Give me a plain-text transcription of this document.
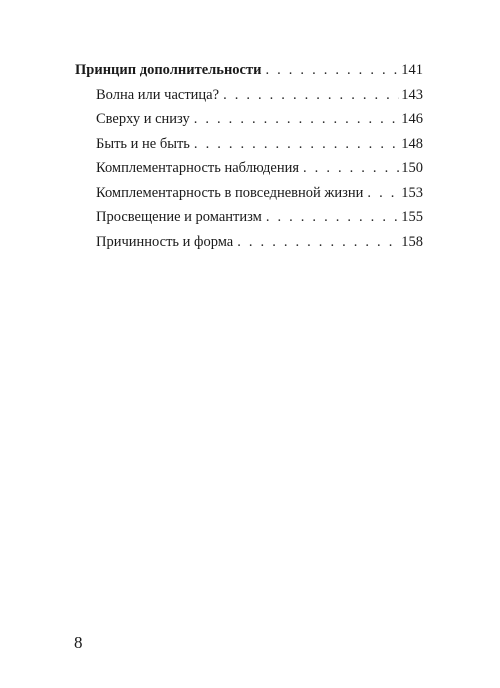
Принцип дополнительности . . .	141
Волна или частица? . . .	143
Сверху и снизу . . .	146
Быть и не быть . . .	148
Комплементарность наблюдения . . .	150
Комплементарность в повседневной жизни . . .	153
Просвещение и романтизм . . .	155
Причинность и форма . . .	158
8
